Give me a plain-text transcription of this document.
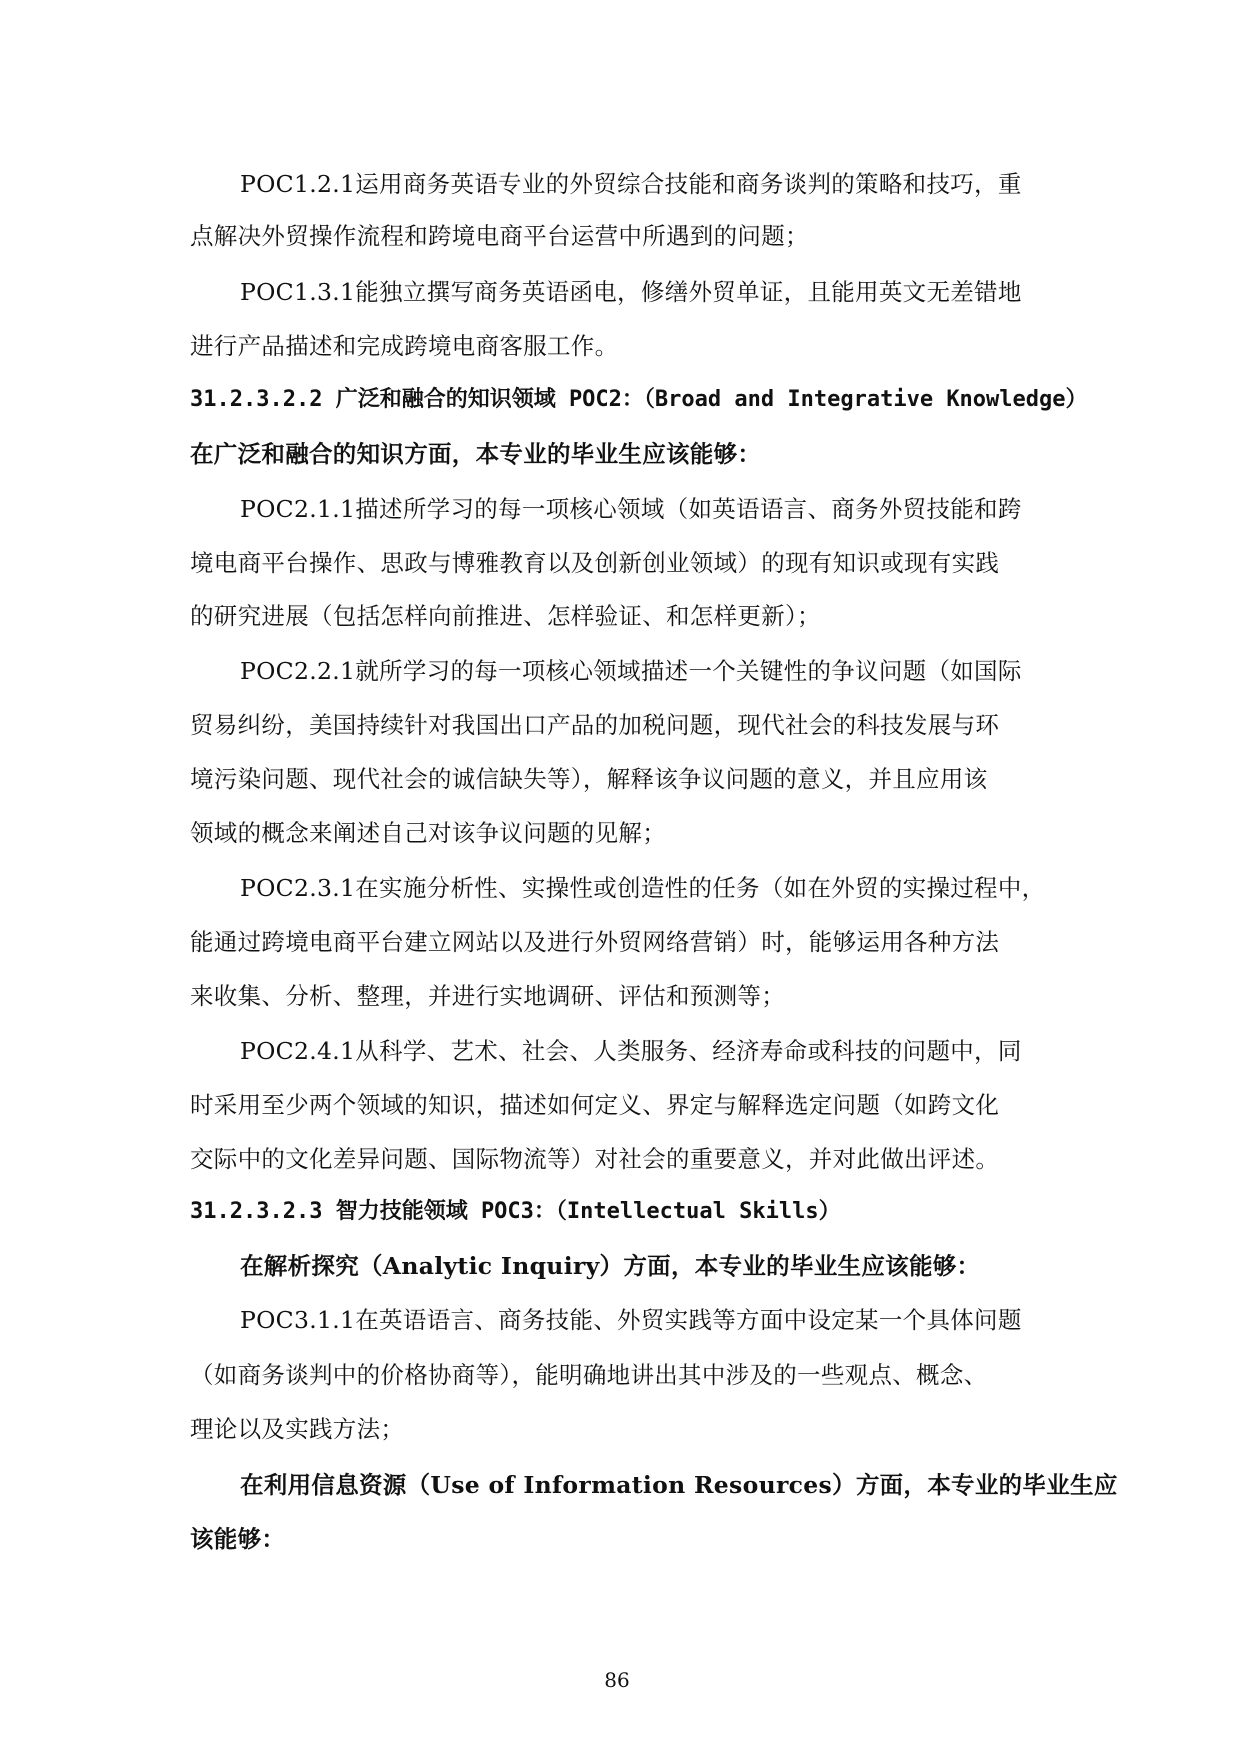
POC1.2.1运用商务英语专业的外贸综合技能和商务谈判的策略和技巧，重
点解决外贸操作流程和跨境电商平台运营中所遇到的问题；
POC1.3.1能独立撰写商务英语函电，修缮外贸单证，且能用英文无差错地
进行产品描述和完成跨境电商客服工作。
31.2.3.2.2 广泛和融合的知识领域 POC2：（Broad and Integrative Knowledge）
在广泛和融合的知识方面，本专业的毕业生应该能够：
POC2.1.1描述所学习的每一项核心领域（如英语语言、商务外贸技能和跨
境电商平台操作、思政与博雅教育以及创新创业领域）的现有知识或现有实践
的研究进展（包括怎样向前推进、怎样验证、和怎样更新）；
POC2.2.1就所学习的每一项核心领域描述一个关键性的争议问题（如国际
贸易纠纷，美国持续针对我国出口产品的加税问题，现代社会的科技发展与环
境污染问题、现代社会的诚信缺失等），解释该争议问题的意义，并且应用该
领域的概念来阐述自己对该争议问题的见解；
POC2.3.1在实施分析性、实操性或创造性的任务（如在外贸的实操过程中，
能通过跨境电商平台建立网站以及进行外贸网络营销）时，能够运用各种方法
来收集、分析、整理，并进行实地调研、评估和预测等；
POC2.4.1从科学、艺术、社会、人类服务、经济寿命或科技的问题中，同
时采用至少两个领域的知识，描述如何定义、界定与解释选定问题（如跨文化
交际中的文化差异问题、国际物流等）对社会的重要意义，并对此做出评述。
31.2.3.2.3 智力技能领域 POC3：（Intellectual Skills）
在解析探究（Analytic Inquiry）方面，本专业的毕业生应该能够：
POC3.1.1在英语语言、商务技能、外贸实践等方面中设定某一个具体问题
（如商务谈判中的价格协商等），能明确地讲出其中涉及的一些观点、概念、
理论以及实践方法；
在利用信息资源（Use of Information Resources）方面，本专业的毕业生应
该能够：
86
